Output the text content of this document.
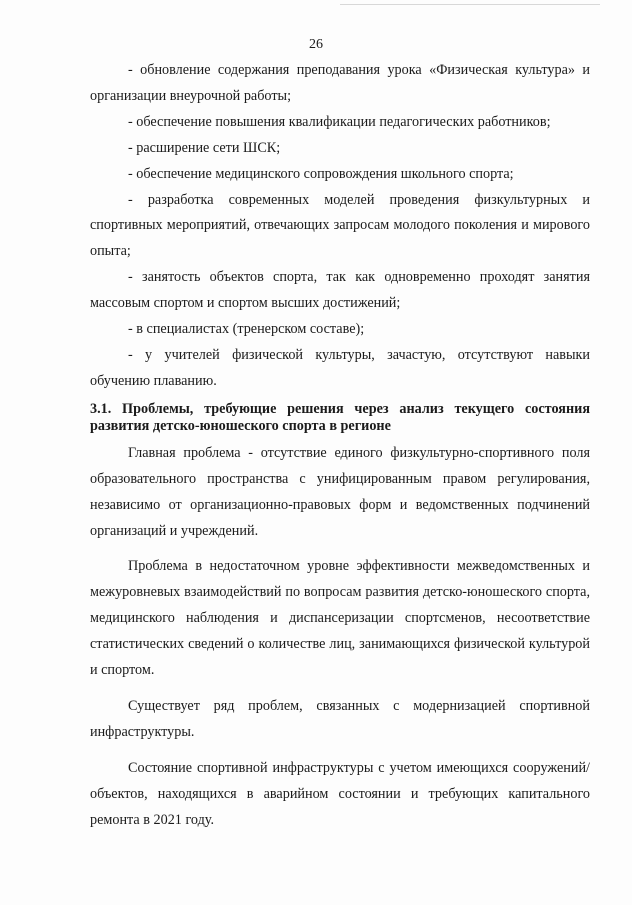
26

- обновление содержания преподавания урока «Физическая культура» и организации внеурочной работы;

- обеспечение повышения квалификации педагогических работников;

- расширение сети ШСК;

- обеспечение медицинского сопровождения школьного спорта;

- разработка современных моделей проведения физкультурных и спортивных мероприятий, отвечающих запросам молодого поколения и мирового опыта;

- занятость объектов спорта, так как одновременно проходят занятия массовым спортом и спортом высших достижений;

- в специалистах (тренерском составе);

- у учителей физической культуры, зачастую, отсутствуют навыки обучению плаванию.

3.1. Проблемы, требующие решения через анализ текущего состояния развития детско-юношеского спорта в регионе

Главная проблема - отсутствие единого физкультурно-спортивного поля образовательного пространства с унифицированным правом регулирования, независимо от организационно-правовых форм и ведомственных подчинений организаций и учреждений.

Проблема в недостаточном уровне эффективности межведомственных и межуровневых взаимодействий по вопросам развития детско-юношеского спорта, медицинского наблюдения и диспансеризации спортсменов, несоответствие статистических сведений о количестве лиц, занимающихся физической культурой и спортом.

Существует ряд проблем, связанных с модернизацией спортивной инфраструктуры.

Состояние спортивной инфраструктуры с учетом имеющихся сооружений/объектов, находящихся в аварийном состоянии и требующих капитального ремонта в 2021 году.
